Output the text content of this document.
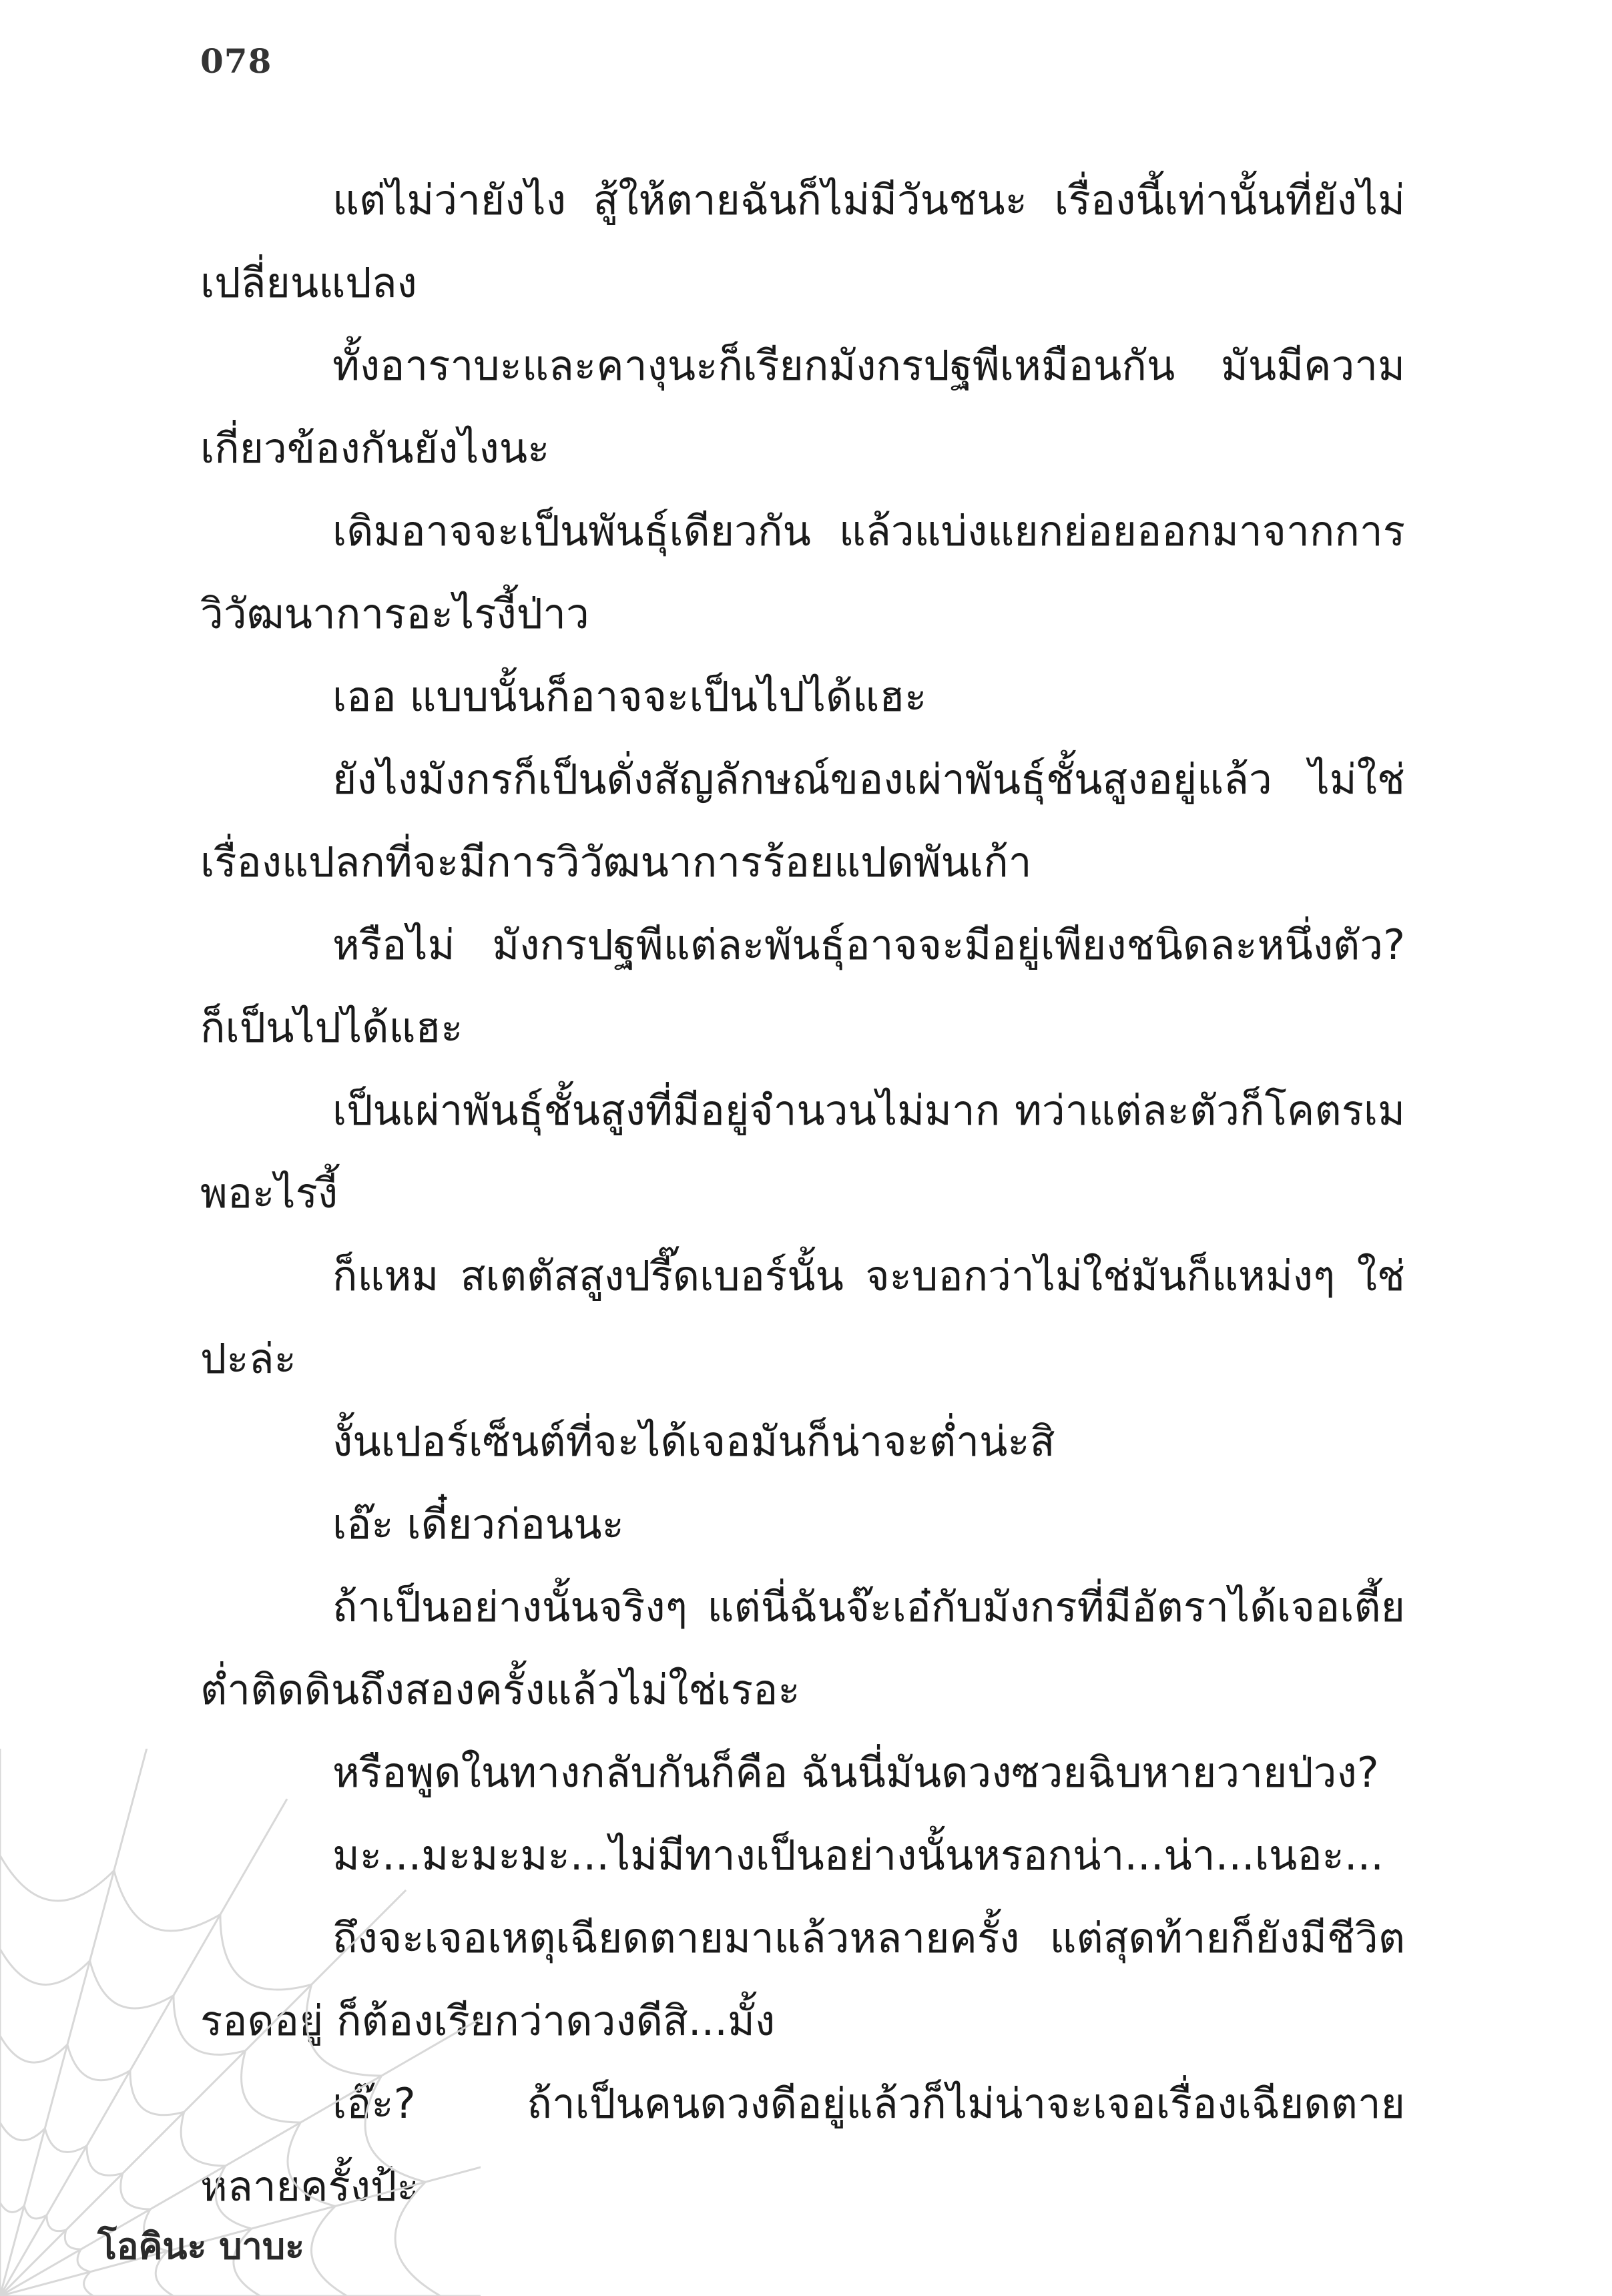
078

แต่ไม่ว่ายังไง สู้ให้ตายฉันก็ไม่มีวันชนะ เรื่องนี้เท่านั้นที่ยังไม่เปลี่ยนแปลง

ทั้งอาราบะและคางุนะก็เรียกมังกรปฐพีเหมือนกัน มันมีความเกี่ยวข้องกันยังไงนะ

เดิมอาจจะเป็นพันธุ์เดียวกัน แล้วแบ่งแยกย่อยออกมาจากการวิวัฒนาการอะไรงี้ป่าว

เออ แบบนั้นก็อาจจะเป็นไปได้แฮะ

ยังไงมังกรก็เป็นดั่งสัญลักษณ์ของเผ่าพันธุ์ชั้นสูงอยู่แล้ว ไม่ใช่เรื่องแปลกที่จะมีการวิวัฒนาการร้อยแปดพันเก้า

หรือไม่ มังกรปฐพีแต่ละพันธุ์อาจจะมีอยู่เพียงชนิดละหนึ่งตัว? ก็เป็นไปได้แฮะ

เป็นเผ่าพันธุ์ชั้นสูงที่มีอยู่จำนวนไม่มาก ทว่าแต่ละตัวก็โคตรเมพอะไรงี้

ก็แหม สเตตัสสูงปรี๊ดเบอร์นั้น จะบอกว่าไม่ใช่มันก็แหม่งๆ ใช่ปะล่ะ

งั้นเปอร์เซ็นต์ที่จะได้เจอมันก็น่าจะต่ำน่ะสิ

เอ๊ะ เดี๋ยวก่อนนะ

ถ้าเป็นอย่างนั้นจริงๆ แต่นี่ฉันจ๊ะเอ๋กับมังกรที่มีอัตราได้เจอเตี้ยต่ำติดดินถึงสองครั้งแล้วไม่ใช่เรอะ

หรือพูดในทางกลับกันก็คือ ฉันนี่มันดวงซวยฉิบหายวายป่วง?

มะ...มะมะมะ...ไม่มีทางเป็นอย่างนั้นหรอกน่า...น่า...เนอะ...

ถึงจะเจอเหตุเฉียดตายมาแล้วหลายครั้ง แต่สุดท้ายก็ยังมีชีวิตรอดอยู่ ก็ต้องเรียกว่าดวงดีสิ...มั้ง

เอ๊ะ? ถ้าเป็นคนดวงดีอยู่แล้วก็ไม่น่าจะเจอเรื่องเฉียดตายหลายครั้งป้ะ

โอคินะ บาบะ
